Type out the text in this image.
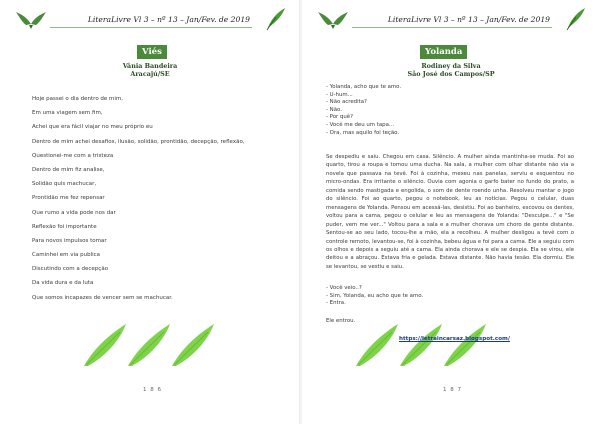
LiteraLivre Vl 3 – nº 13 – Jan/Fev. de 2019
Viés
Vânia Bandeira
Aracajú/SE

Hoje passei o dia dentro de mim,

Em uma viagem sem fim,

Achei que era fácil viajar no meu próprio eu

Dentro de mim achei desafios, ilusão, solidão, prontidão, decepção, reflexão,

Questionei-me com a tristeza

Dentro de mim fiz analise,

Solidão quis machucar,

Prontidão me fez repensar

Que rumo a vida pode nos dar

Reflexão foi importante

Para novos impulsos tomar

Caminhei em via publica

Discutindo com a decepção

Da vida dura e da luta

Que somos incapazes de vencer sem se machucar.

1 8 6
LiteraLivre Vl 3 – nº 13 – Jan/Fev. de 2019
Yolanda
Rodiney da Silva
São José dos Campos/SP
1 8 7

- Yolanda, acho que te amo.

- U-hum...

- Não acredita?

- Não.

- Por quê?

- Você me deu um tapa...

- Ora, mas aquilo foi teção.

Se despediu e saiu. Chegou em casa. Silêncio. A mulher ainda mantinha-se muda. Foi ao quarto, tirou a roupa e tomou uma ducha. Na sala, a mulher com olhar distante não via a novela que passava na tevê. Foi à cozinha, mexeu nas panelas, serviu e esquentou no micro-ondas. Era irritante o silêncio. Ouvia com agonia o garfo bater no fundo do prato, a comida sendo mastigada e engolida, o som de dente roendo unha. Resolveu mantar o jogo do silêncio. Foi ao quarto, pegou o notebook, leu as notícias. Pegou o celular, duas mensagens de Yolanda. Pensou em acessá-las, desistiu. Foi ao banheiro, escovou os dentes, voltou para a cama, pegou o celular e leu as mensagens de Yolanda: "Desculpe..." e "Se puder, vem me ver..." Voltou para a sala e a mulher chorava um choro de gente distante. Sentou-se ao seu lado, tocou-lhe a mão, ela a recolheu. A mulher desligou a tevê com o controle remoto, levantou-se, foi à cozinha, bebeu água e foi para a cama. Ele a seguiu com os olhos e depois a seguiu até a cama. Ela ainda chorava e ele se despia. Ela se virou, ele deitou e a abraçou. Estava fria e gelada. Estava distante. Não havia tesão. Ela dormiu. Ele se levantou, se vestiu e saiu.

- Você veio..?

- Sim, Yolanda, eu acho que te amo.

- Entra.

Ele entrou.
https://letraincarsaz.blogspot.com/
